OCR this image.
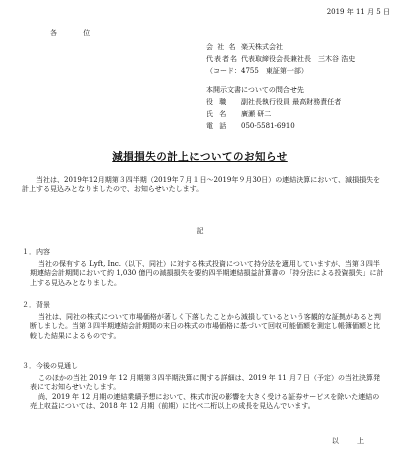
2019 年 11 月 5 日
各 位
会 社 名 楽天株式会社
代表者名 代表取締役会長兼社長　三木谷 浩史
（コード：4755　東証第一部）
本開示文書についての問合せ先
役 職	副社長執行役員 最高財務責任者
氏 名	廣瀬 研二
電 話	050-5581-6910
減損損失の計上についてのお知らせ
当社は、2019年12月期第３四半期（2019年７月１日〜2019年９月30日）の連結決算において、減損損失を計上する見込みとなりましたので、お知らせいたします。
記
１．内容
当社の保有する Lyft, Inc.（以下、同社）に対する株式投資について持分法を適用していますが、当第３四半期連結会計期間において約 1,030 億円の減損損失を要約四半期連結損益計算書の「持分法による投資損失」に計上する見込みとなりました。
２．背景
当社は、同社の株式について市場価格が著しく下落したことから減損しているという客観的な証拠があると判断しました。当第３四半期連結会計期間の末日の株式の市場価格に基づいて回収可能価額を測定し帳簿価額と比較した結果によるものです。
３．今後の見通し

このほかの当社 2019 年 12 月期第３四半期決算に関する詳細は、2019 年 11 月７日（予定）の当社決算発表にてお知らせいたします。

尚、2019 年 12 月期の連結業績予想において、株式市況の影響を大きく受ける証券サービスを除いた連結の売上収益については、2018 年 12 月期（前期）に比べ二桁以上の成長を見込んでいます。

以 上
